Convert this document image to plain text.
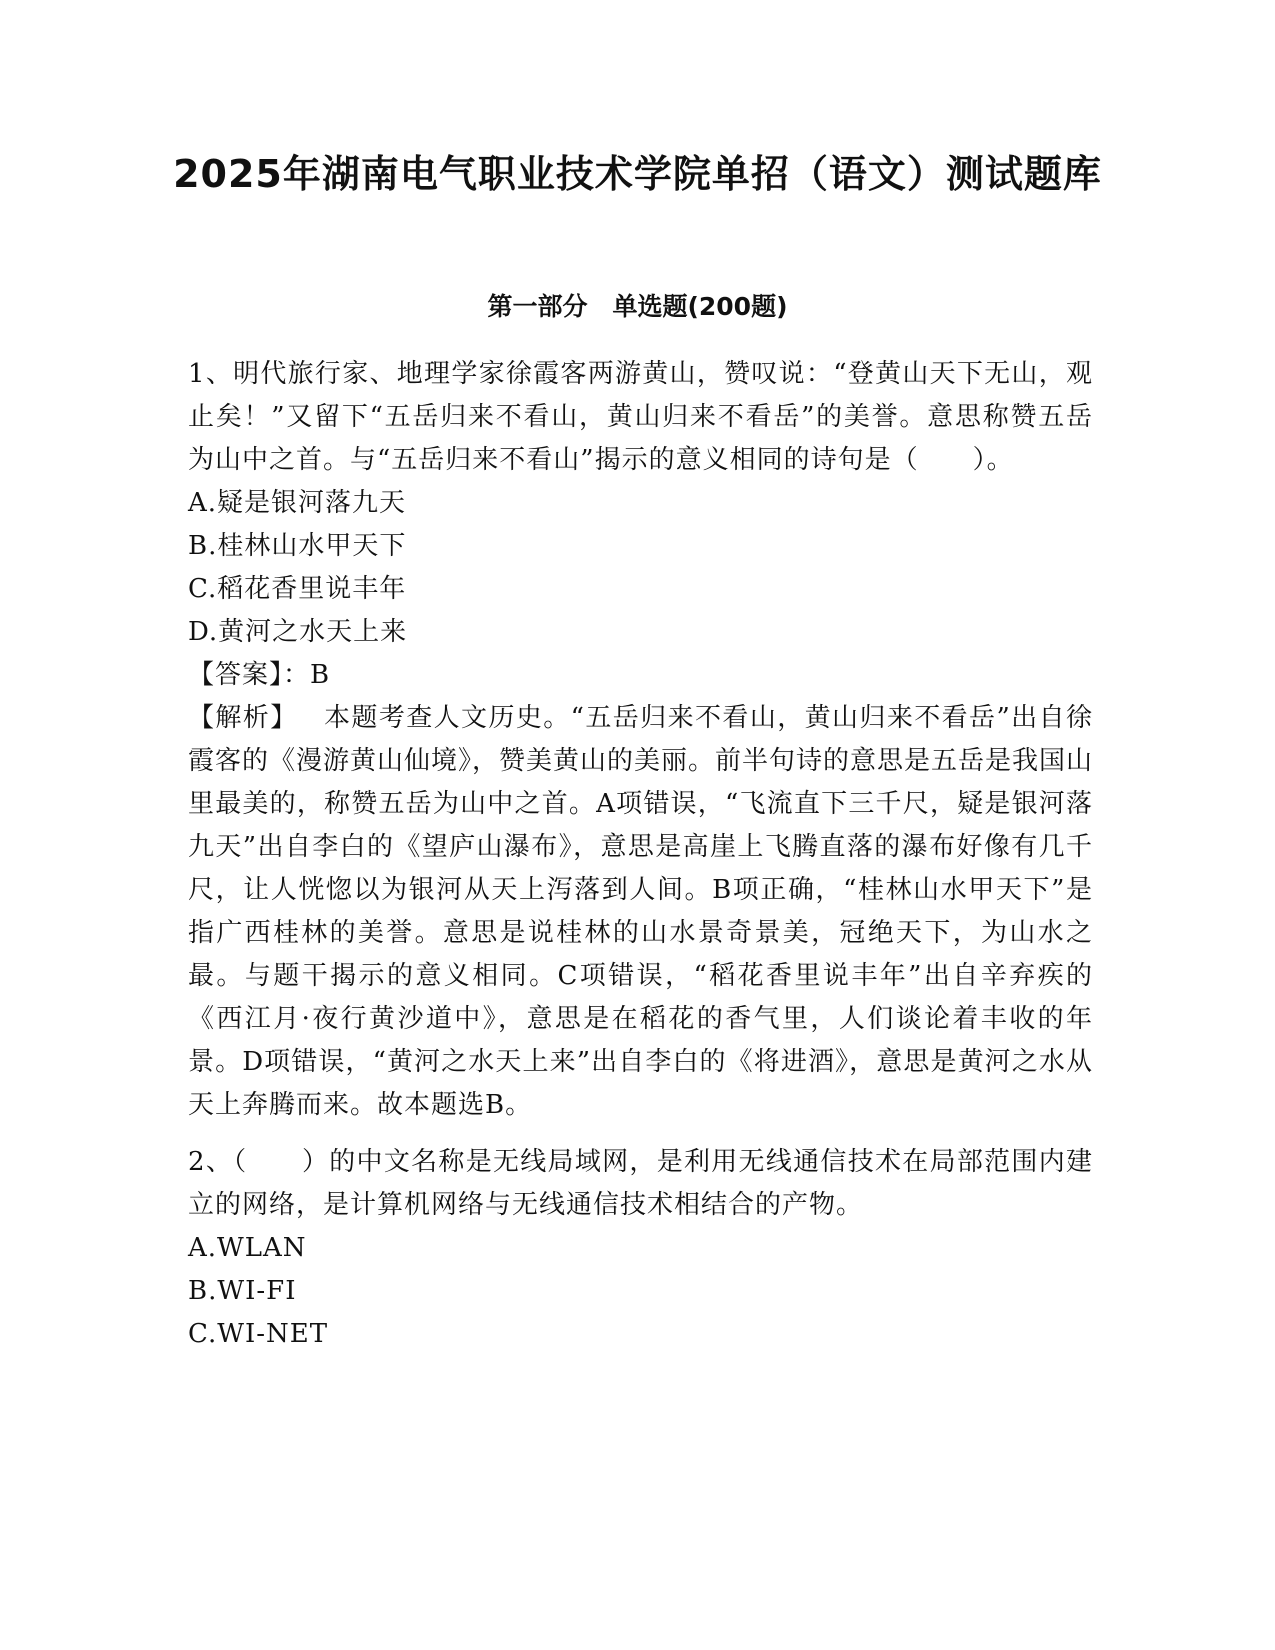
2025年湖南电气职业技术学院单招（语文）测试题库
第一部分　单选题(200题)

1、明代旅行家、地理学家徐霞客两游黄山，赞叹说：“登黄山天下无山，观止矣！”又留下“五岳归来不看山，黄山归来不看岳”的美誉。意思称赞五岳为山中之首。与“五岳归来不看山”揭示的意义相同的诗句是（　　）。

A.疑是银河落九天

B.桂林山水甲天下

C.稻花香里说丰年

D.黄河之水天上来

【答案】：B

【解析】 本题考查人文历史。“五岳归来不看山，黄山归来不看岳”出自徐霞客的《漫游黄山仙境》，赞美黄山的美丽。前半句诗的意思是五岳是我国山里最美的，称赞五岳为山中之首。A项错误，“飞流直下三千尺，疑是银河落九天”出自李白的《望庐山瀑布》，意思是高崖上飞腾直落的瀑布好像有几千尺，让人恍惚以为银河从天上泻落到人间。B项正确，“桂林山水甲天下”是指广西桂林的美誉。意思是说桂林的山水景奇景美，冠绝天下，为山水之最。与题干揭示的意义相同。C项错误，“稻花香里说丰年”出自辛弃疾的《西江月·夜行黄沙道中》，意思是在稻花的香气里，人们谈论着丰收的年景。D项错误，“黄河之水天上来”出自李白的《将进酒》，意思是黄河之水从天上奔腾而来。故本题选B。

2、（　　）的中文名称是无线局域网，是利用无线通信技术在局部范围内建立的网络，是计算机网络与无线通信技术相结合的产物。

A.WLAN

B.WI-FI

C.WI-NET
